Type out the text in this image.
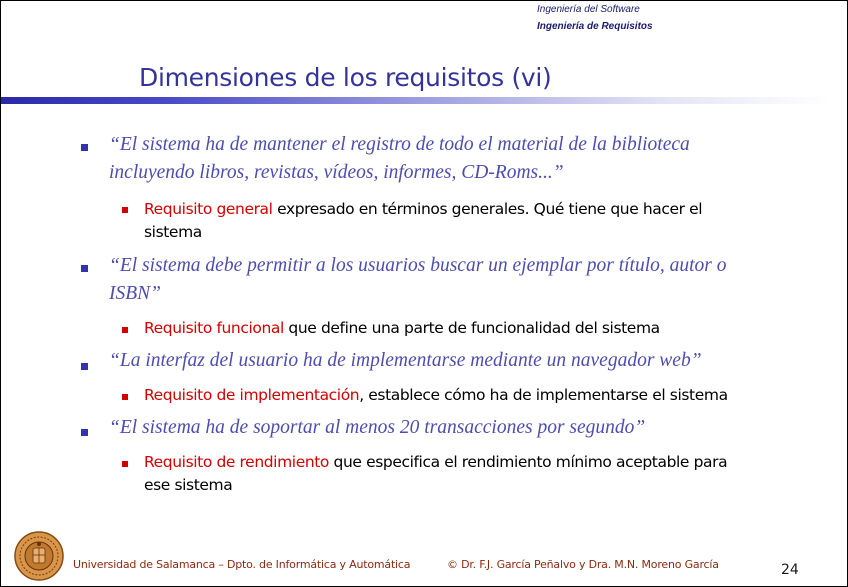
Ingeniería del Software
Ingeniería de Requisitos
Dimensiones de los requisitos (vi)
“El sistema ha de mantener el registro de todo el material de la biblioteca
incluyendo libros, revistas, vídeos, informes, CD-Roms...”
Requisito general expresado en términos generales. Qué tiene que hacer el
sistema
“El sistema debe permitir a los usuarios buscar un ejemplar por título, autor o
ISBN”
Requisito funcional que define una parte de funcionalidad del sistema
“La interfaz del usuario ha de implementarse mediante un navegador web”
Requisito de implementación, establece cómo ha de implementarse el sistema
“El sistema ha de soportar al menos 20 transacciones por segundo”
Requisito de rendimiento que especifica el rendimiento mínimo aceptable para
ese sistema
Universidad de Salamanca – Dpto. de Informática y Automática	© Dr. F.J. García Peñalvo y Dra. M.N. Moreno García	24
